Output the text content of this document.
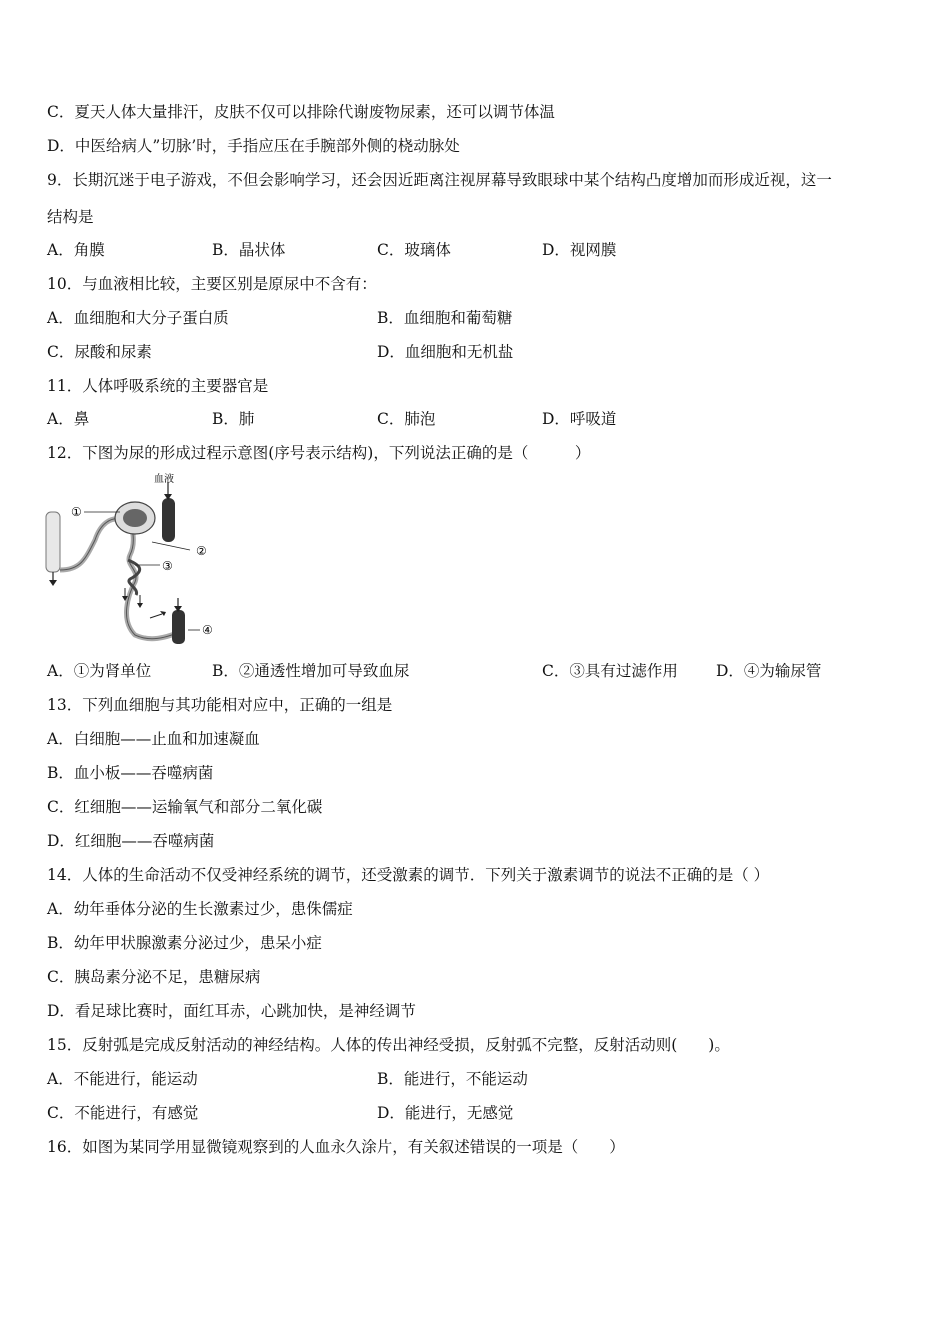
C．夏天人体大量排汗，皮肤不仅可以排除代谢废物尿素，还可以调节体温
D．中医给病人”切脉’时，手指应压在手腕部外侧的桡动脉处
9．长期沉迷于电子游戏，不但会影响学习，还会因近距离注视屏幕导致眼球中某个结构凸度增加而形成近视，这一
结构是
A．角膜	B．晶状体	C．玻璃体	D．视网膜
10．与血液相比较，主要区别是原尿中不含有：
A．血细胞和大分子蛋白质	B．血细胞和葡萄糖
C．尿酸和尿素	D．血细胞和无机盐
11．人体呼吸系统的主要器官是
A．鼻	B．肺	C．肺泡	D．呼吸道
12．下图为尿的形成过程示意图(序号表示结构)，下列说法正确的是（　　　）
血液
①
②
③
④
A．①为肾单位	B．②通透性增加可导致血尿	C．③具有过滤作用 D．④为输尿管
13．下列血细胞与其功能相对应中，正确的一组是
A．白细胞——止血和加速凝血
B．血小板——吞噬病菌
C．红细胞——运输氧气和部分二氧化碳
D．红细胞——吞噬病菌
14．人体的生命活动不仅受神经系统的调节，还受激素的调节．下列关于激素调节的说法不正确的是（ ）
A．幼年垂体分泌的生长激素过少，患侏儒症
B．幼年甲状腺激素分泌过少，患呆小症
C．胰岛素分泌不足，患糖尿病
D．看足球比赛时，面红耳赤，心跳加快，是神经调节
15．反射弧是完成反射活动的神经结构。人体的传出神经受损，反射弧不完整，反射活动则(　　)。
A．不能进行，能运动	B．能进行，不能运动
C．不能进行，有感觉	D．能进行，无感觉
16．如图为某同学用显微镜观察到的人血永久涂片，有关叙述错误的一项是（　　）
